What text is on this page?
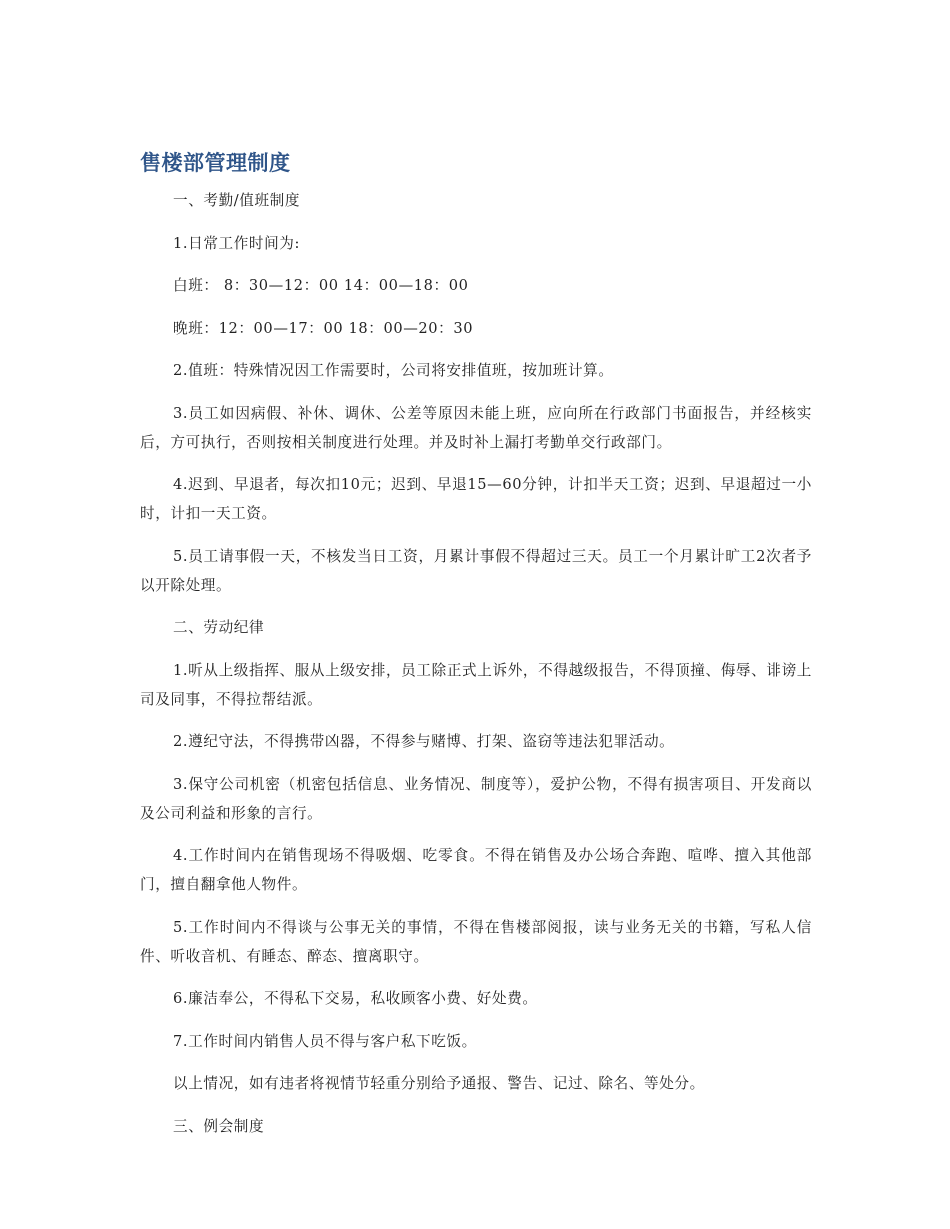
售楼部管理制度

一、考勤/值班制度

1.日常工作时间为:

白班： 8：30—12：00 14：00—18：00

晚班：12：00—17：00 18：00—20：30

2.值班：特殊情况因工作需要时，公司将安排值班，按加班计算。

3.员工如因病假、补休、调休、公差等原因未能上班，应向所在行政部门书面报告，并经核实后，方可执行，否则按相关制度进行处理。并及时补上漏打考勤单交行政部门。

4.迟到、早退者，每次扣10元；迟到、早退15—60分钟，计扣半天工资；迟到、早退超过一小时，计扣一天工资。

5.员工请事假一天，不核发当日工资，月累计事假不得超过三天。员工一个月累计旷工2次者予以开除处理。

二、劳动纪律

1.听从上级指挥、服从上级安排，员工除正式上诉外，不得越级报告，不得顶撞、侮辱、诽谤上司及同事，不得拉帮结派。

2.遵纪守法，不得携带凶器，不得参与赌博、打架、盗窃等违法犯罪活动。

3.保守公司机密（机密包括信息、业务情况、制度等），爱护公物，不得有损害项目、开发商以及公司利益和形象的言行。

4.工作时间内在销售现场不得吸烟、吃零食。不得在销售及办公场合奔跑、喧哗、擅入其他部门，擅自翻拿他人物件。

5.工作时间内不得谈与公事无关的事情，不得在售楼部阅报，读与业务无关的书籍，写私人信件、听收音机、有睡态、醉态、擅离职守。

6.廉洁奉公，不得私下交易，私收顾客小费、好处费。

7.工作时间内销售人员不得与客户私下吃饭。

以上情况，如有违者将视情节轻重分别给予通报、警告、记过、除名、等处分。

三、例会制度
